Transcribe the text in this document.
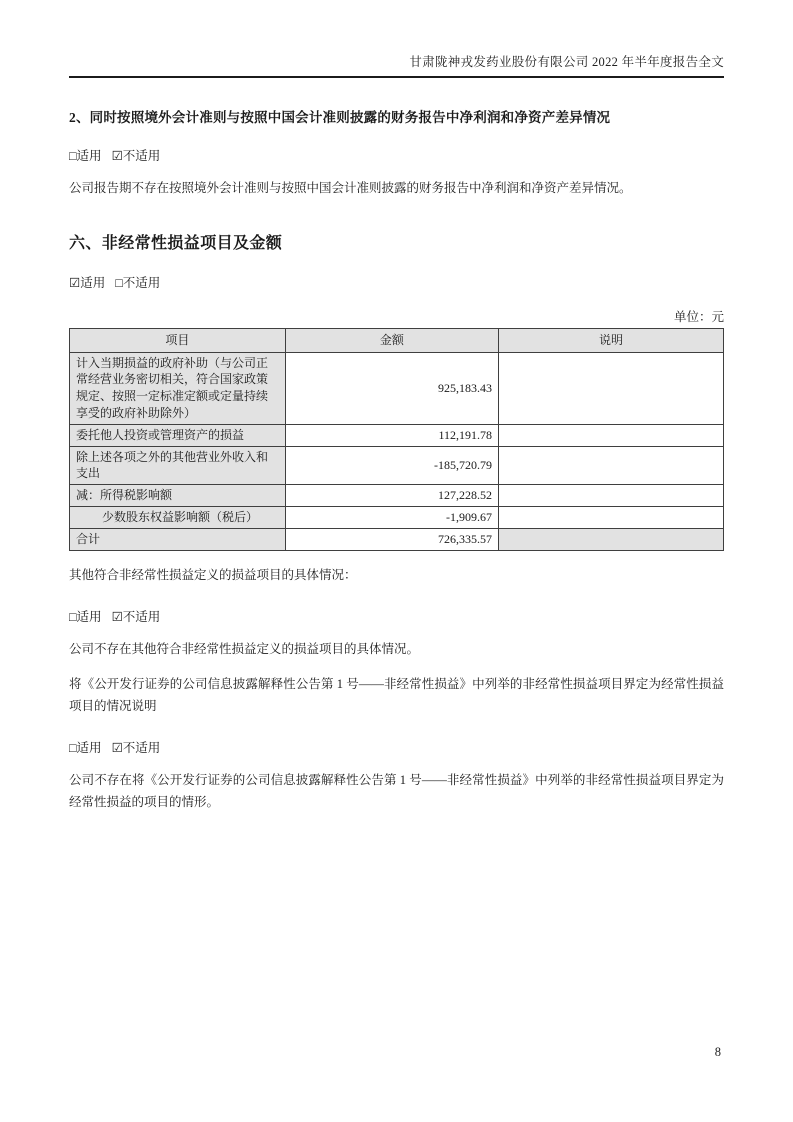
甘肃陇神戎发药业股份有限公司 2022 年半年度报告全文
2、同时按照境外会计准则与按照中国会计准则披露的财务报告中净利润和净资产差异情况
□适用 ☑不适用

公司报告期不存在按照境外会计准则与按照中国会计准则披露的财务报告中净利润和净资产差异情况。

六、非经常性损益项目及金额
☑适用 □不适用
单位：元
项目	金额	说明
计入当期损益的政府补助（与公司正常经营业务密切相关，符合国家政策规定、按照一定标准定额或定量持续享受的政府补助除外）	925,183.43	
委托他人投资或管理资产的损益	112,191.78	
除上述各项之外的其他营业外收入和支出	-185,720.79	
减：所得税影响额	127,228.52	
少数股东权益影响额（税后）	-1,909.67	
合计	726,335.57	

其他符合非经常性损益定义的损益项目的具体情况：

□适用 ☑不适用

公司不存在其他符合非经常性损益定义的损益项目的具体情况。

将《公开发行证券的公司信息披露解释性公告第 1 号——非经常性损益》中列举的非经常性损益项目界定为经常性损益项目的情况说明

□适用 ☑不适用

公司不存在将《公开发行证券的公司信息披露解释性公告第 1 号——非经常性损益》中列举的非经常性损益项目界定为经常性损益的项目的情形。

8
